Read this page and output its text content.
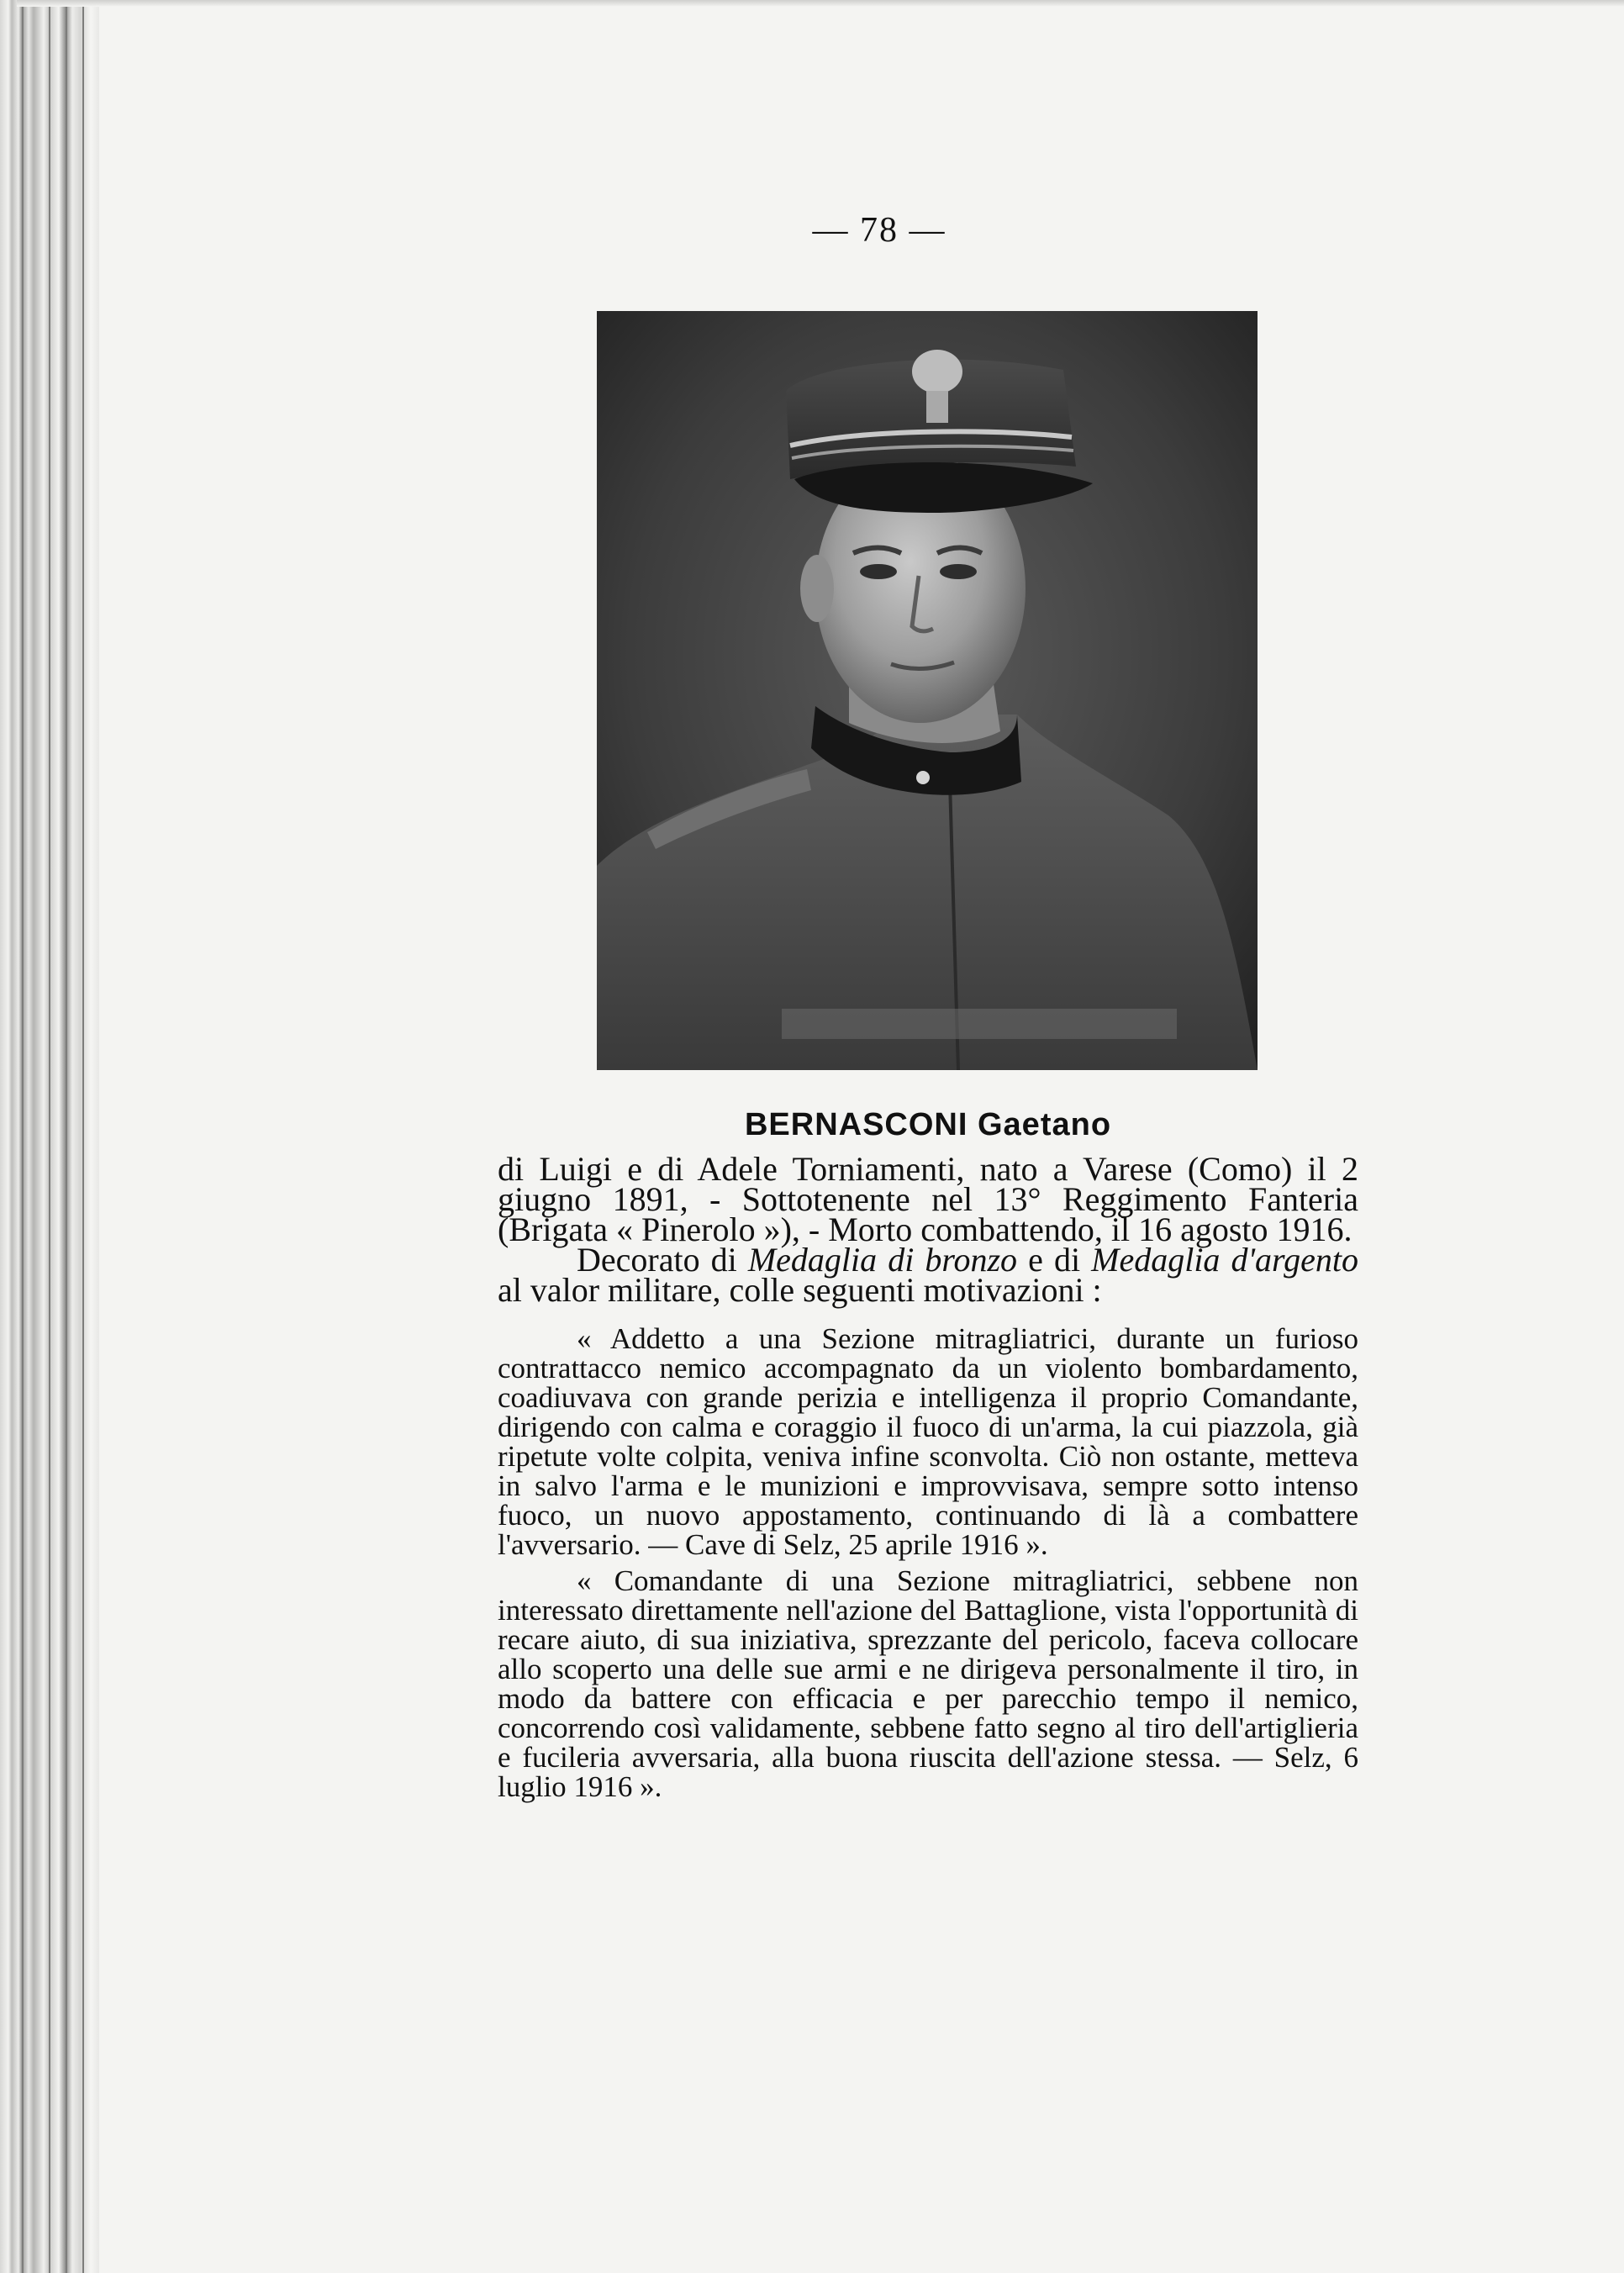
— 78 —
BERNASCONI Gaetano

di Luigi e di Adele Torniamenti, nato a Varese (Como) il 2 giugno 1891, - Sottotenente nel 13° Reggimento Fanteria (Brigata « Pinerolo »), - Morto combattendo, il 16 agosto 1916.

Decorato di Medaglia di bronzo e di Medaglia d'argento al valor militare, colle seguenti motivazioni :

« Addetto a una Sezione mitragliatrici, durante un furioso contrattacco nemico accompagnato da un violento bombardamento, coadiuvava con grande perizia e intelligenza il proprio Comandante, dirigendo con calma e coraggio il fuoco di un'arma, la cui piazzola, già ripetute volte colpita, veniva infine sconvolta. Ciò non ostante, metteva in salvo l'arma e le munizioni e improvvisava, sempre sotto intenso fuoco, un nuovo appostamento, continuando di là a combattere l'avversario. — Cave di Selz, 25 aprile 1916 ».

« Comandante di una Sezione mitragliatrici, sebbene non interessato direttamente nell'azione del Battaglione, vista l'opportunità di recare aiuto, di sua iniziativa, sprezzante del pericolo, faceva collocare allo scoperto una delle sue armi e ne dirigeva personalmente il tiro, in modo da battere con efficacia e per parecchio tempo il nemico, concorrendo così validamente, sebbene fatto segno al tiro dell'artiglieria e fucileria avversaria, alla buona riuscita dell'azione stessa. — Selz, 6 luglio 1916 ».
